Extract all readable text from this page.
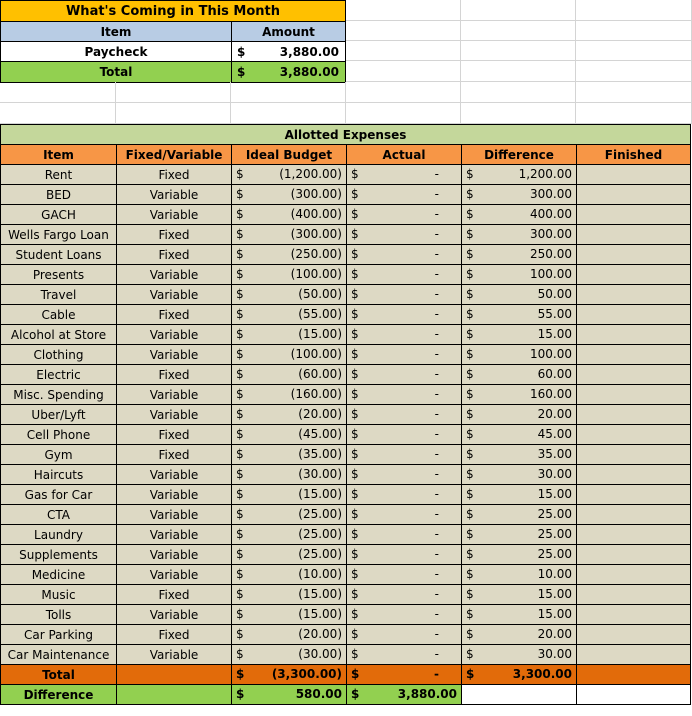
What's Coming in This Month
Item	Amount
Paycheck	$	3,880.00
Total	$	3,880.00
Allotted Expenses					
Item	Fixed/Variable	Ideal Budget	Actual	Difference	Finished
Rent	Fixed	$ (1,200.00)	$ -	$ 1,200.00	

BED	Variable	$ (300.00)	$ -	$ 300.00	

GACH	Variable	$ (400.00)	$ -	$ 400.00	

Wells Fargo Loan	Fixed	$ (300.00)	$ -	$ 300.00	

Student Loans	Fixed	$ (250.00)	$ -	$ 250.00	

Presents	Variable	$ (100.00)	$ -	$ 100.00	

Travel	Variable	$ (50.00)	$ -	$ 50.00	

Cable	Fixed	$ (55.00)	$ -	$ 55.00	

Alcohol at Store	Variable	$ (15.00)	$ -	$ 15.00	

Clothing	Variable	$ (100.00)	$ -	$ 100.00	

Electric	Fixed	$ (60.00)	$ -	$ 60.00	

Misc. Spending	Variable	$ (160.00)	$ -	$ 160.00	

Uber/Lyft	Variable	$ (20.00)	$ -	$ 20.00	

Cell Phone	Fixed	$ (45.00)	$ -	$ 45.00	

Gym	Fixed	$ (35.00)	$ -	$ 35.00	

Haircuts	Variable	$ (30.00)	$ -	$ 30.00	

Gas for Car	Variable	$ (15.00)	$ -	$ 15.00	

CTA	Variable	$ (25.00)	$ -	$ 25.00	

Laundry	Variable	$ (25.00)	$ -	$ 25.00	

Supplements	Variable	$ (25.00)	$ -	$ 25.00	

Medicine	Variable	$ (10.00)	$ -	$ 10.00	

Music	Fixed	$ (15.00)	$ -	$ 15.00	

Tolls	Variable	$ (15.00)	$ -	$ 15.00	

Car Parking	Fixed	$ (20.00)	$ -	$ 20.00	

Car Maintenance	Variable	$ (30.00)	$ -	$ 30.00	

Total		$ (3,300.00)	$ -	$ 3,300.00	

Difference		$ 580.00	$ 3,880.00		
